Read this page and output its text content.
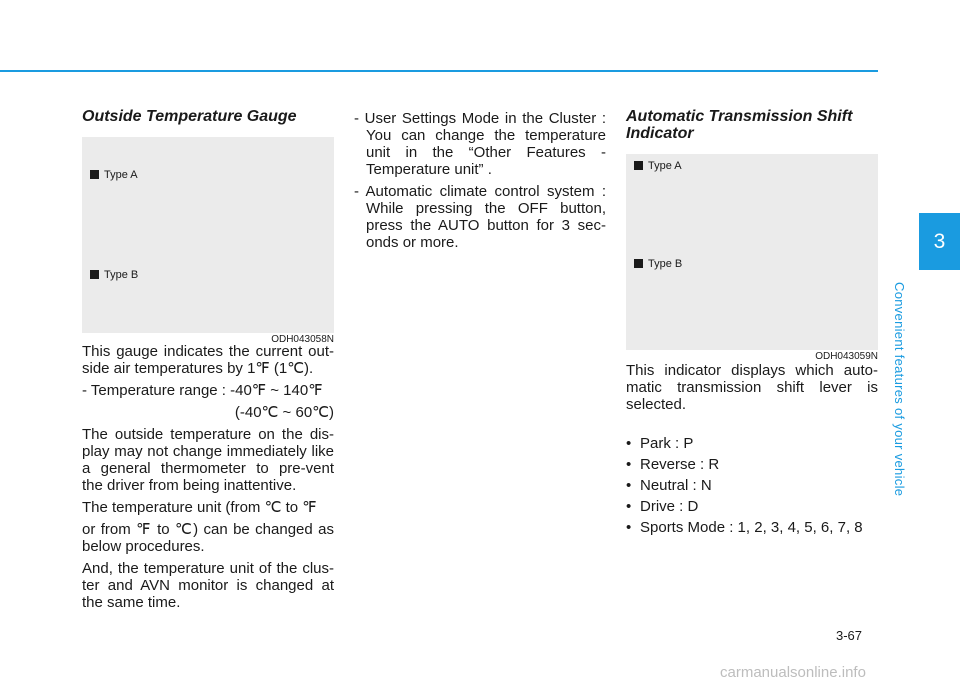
Outside Temperature Gauge
Type A
Type B
ODH043058N

This gauge indicates the current out-side air temperatures by 1℉ (1℃).

- Temperature range : -40℉ ~ 140℉

(-40℃ ~ 60℃)

The outside temperature on the dis-play may not change immediately like a general thermometer to pre-vent the driver from being inattentive.

The temperature unit (from ℃ to ℉

or from ℉ to ℃) can be changed as below procedures.

And, the temperature unit of the clus-ter and AVN monitor is changed at the same time.

- User Settings Mode in the Cluster : You can change the temperature unit in the “Other Features - Temperature unit” .

- Automatic climate control system : While pressing the OFF button, press the AUTO button for 3 sec-onds or more.

Automatic Transmission Shift Indicator
Type A
Type B
ODH043059N

This indicator displays which auto-matic transmission shift lever is selected.

• Park : P
• Reverse : R
• Neutral : N
• Drive : D
• Sports Mode : 1, 2, 3, 4, 5, 6, 7, 8
3
Convenient features of your vehicle
3-67
carmanualsonline.info
